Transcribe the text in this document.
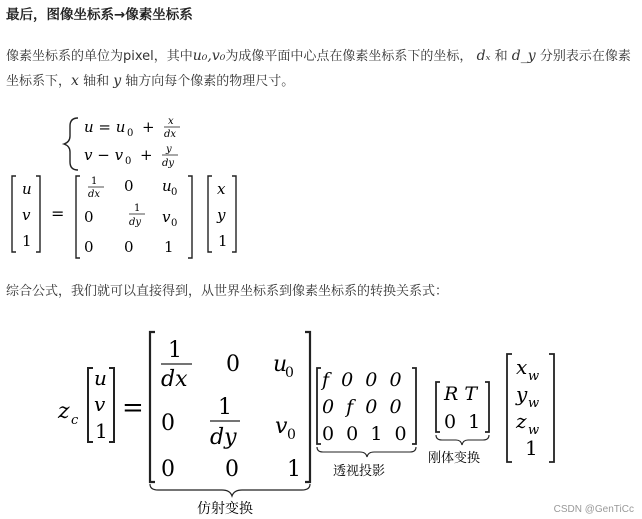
最后，图像坐标系→像素坐标系
像素坐标系的单位为pixel，其中u₀,v₀为成像平面中心点在像素坐标系下的坐标， dₓ 和 d_y 分别表示在像素坐标系下，x 轴和 y 轴方向每个像素的物理尺寸。
u = u 0 + x
dx
v − v 0 + y
dy
u
v
1
=
1
dx 0 u 0
0	1
dy v 0
0 0 1
x
y
1
z c
u
v
1
=
1
dx
0 u
0
0
1
dy v 0
0 0 1
仿射变换
f  0  0  0
0  f  0  0
0  0  1  0
透视投影
R T
0  1
刚体变换
x w
y w
z w
1
综合公式，我们就可以直接得到，从世界坐标系到像素坐标系的转换关系式：
CSDN @GenTiCc
